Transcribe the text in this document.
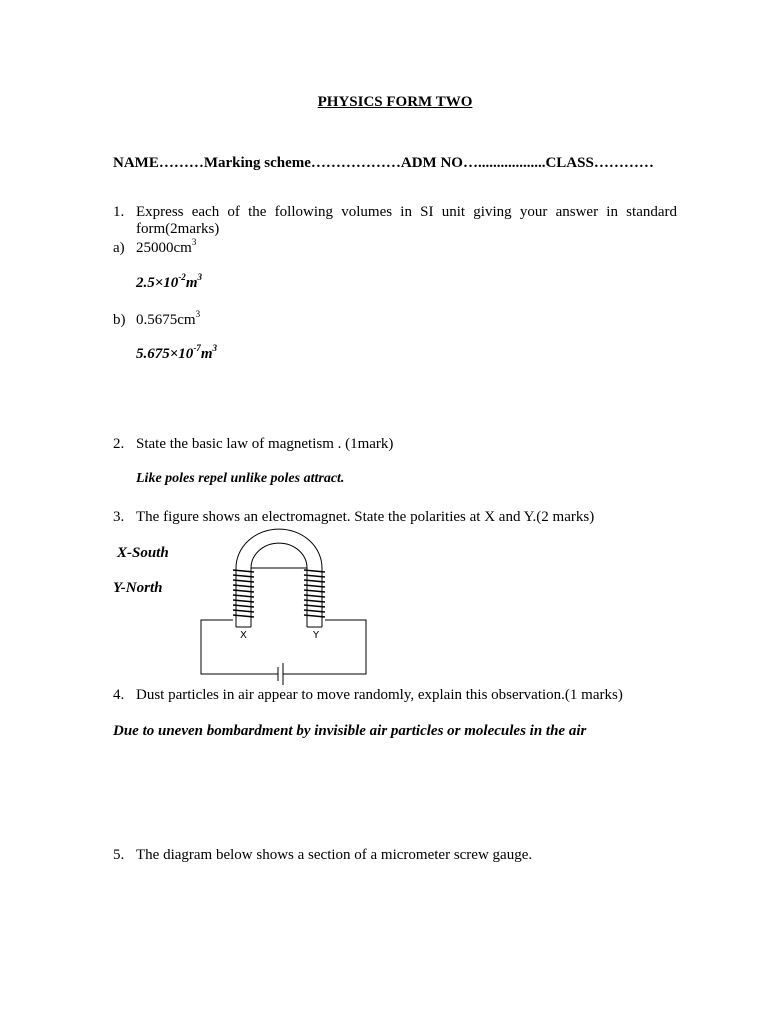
PHYSICS FORM TWO
NAME………Marking scheme………………ADM NO…..................CLASS…………
1. Express each of the following volumes in SI unit giving your answer in standard form(2marks)
a) $25000cm^3$
$2.5\times 10^{-2}m^3$
b) $0.5675cm^3$
$5.675\times 10^{-7}m^3$
2. State the basic law of magnetism . (1mark)
Like poles repel unlike poles attract.
3. The figure shows an electromagnet. State the polarities at X and Y.(2 marks)
X-South
Y-North
X	Y
4. Dust particles in air appear to move randomly, explain this observation.(1 marks)
Due to uneven bombardment by invisible air particles or molecules in the air
5. The diagram below shows a section of a micrometer screw gauge.
